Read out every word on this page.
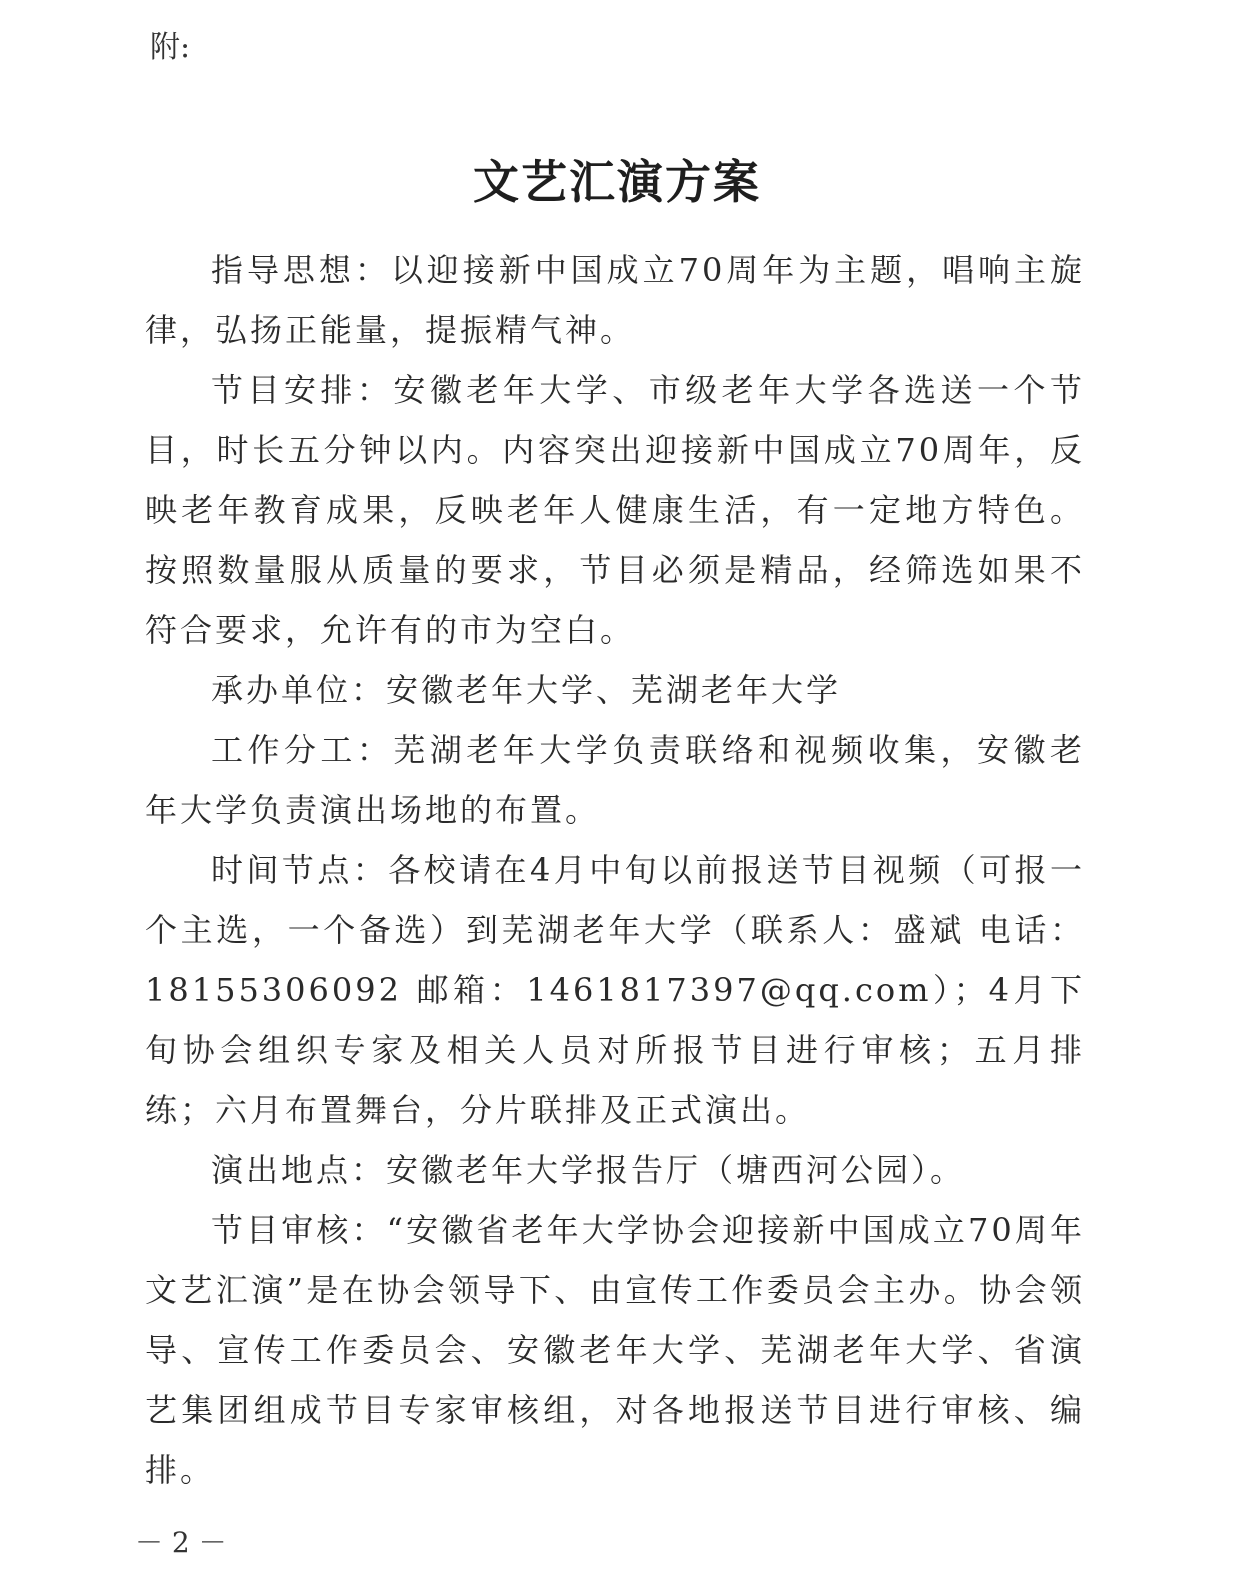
附:
文艺汇演方案

指导思想：以迎接新中国成立70周年为主题，唱响主旋律，弘扬正能量，提振精气神。

节目安排：安徽老年大学、市级老年大学各选送一个节目，时长五分钟以内。内容突出迎接新中国成立70周年，反映老年教育成果，反映老年人健康生活，有一定地方特色。按照数量服从质量的要求，节目必须是精品，经筛选如果不符合要求，允许有的市为空白。

承办单位：安徽老年大学、芜湖老年大学

工作分工：芜湖老年大学负责联络和视频收集，安徽老年大学负责演出场地的布置。

时间节点：各校请在4月中旬以前报送节目视频（可报一个主选，一个备选）到芜湖老年大学（联系人：盛斌 电话：18155306092 邮箱：1461817397@qq.com）；4月下旬协会组织专家及相关人员对所报节目进行审核；五月排练；六月布置舞台，分片联排及正式演出。

演出地点：安徽老年大学报告厅（塘西河公园）。

节目审核：“安徽省老年大学协会迎接新中国成立70周年文艺汇演”是在协会领导下、由宣传工作委员会主办。协会领导、宣传工作委员会、安徽老年大学、芜湖老年大学、省演艺集团组成节目专家审核组，对各地报送节目进行审核、编排。

－ 2 －
